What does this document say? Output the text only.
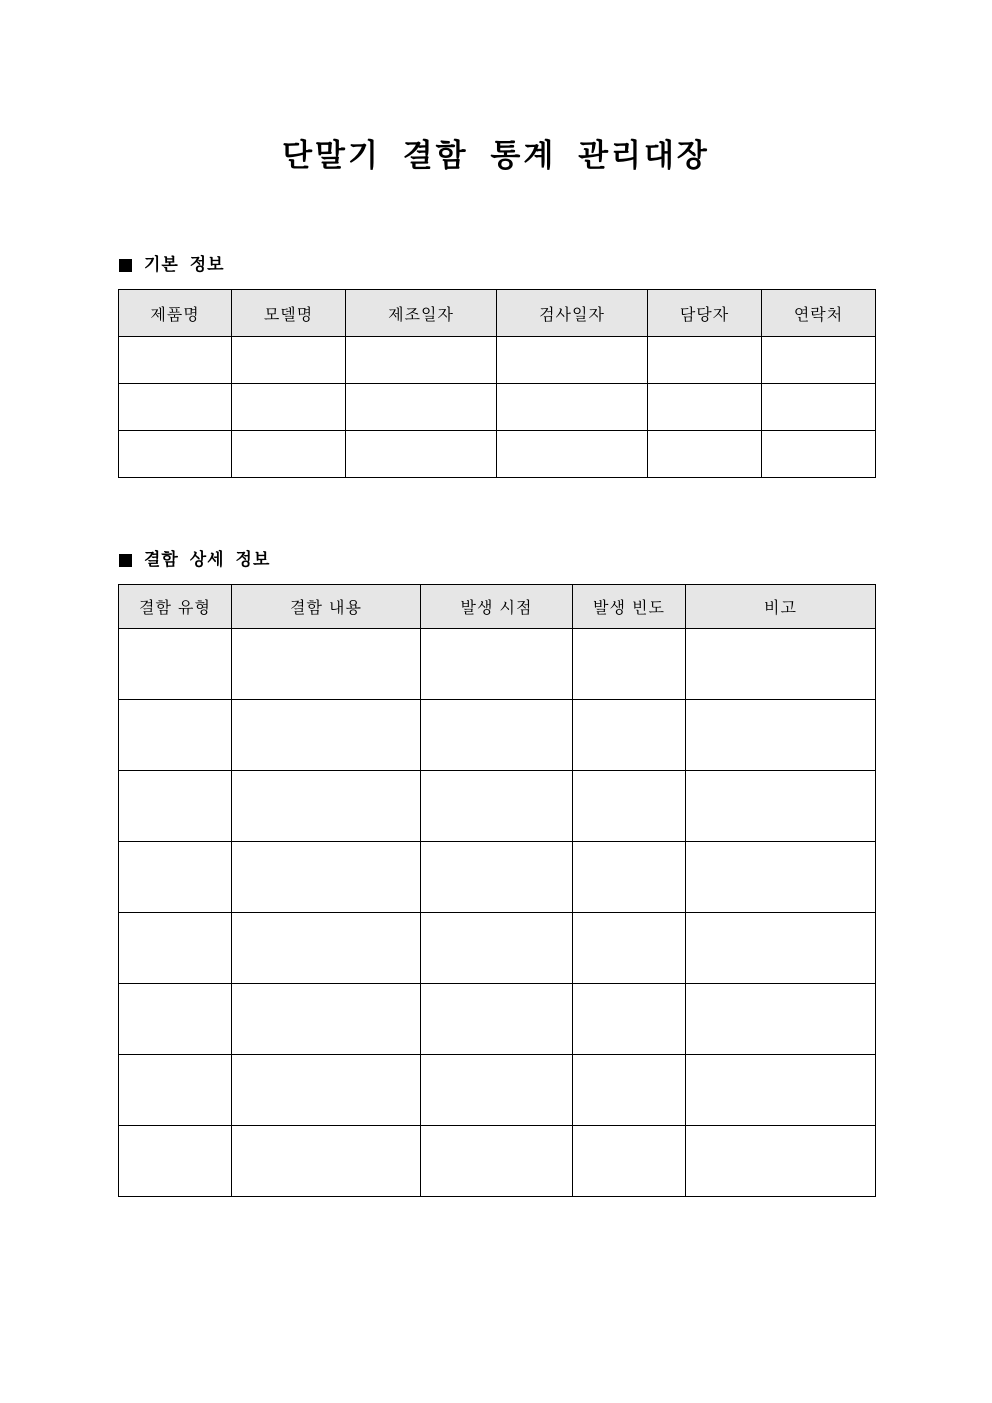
단말기 결함 통계 관리대장
기본 정보
제품명	모델명	제조일자	검사일자	담당자	연락처

결함 상세 정보
결함 유형	결함 내용	발생 시점	발생 빈도	비고
